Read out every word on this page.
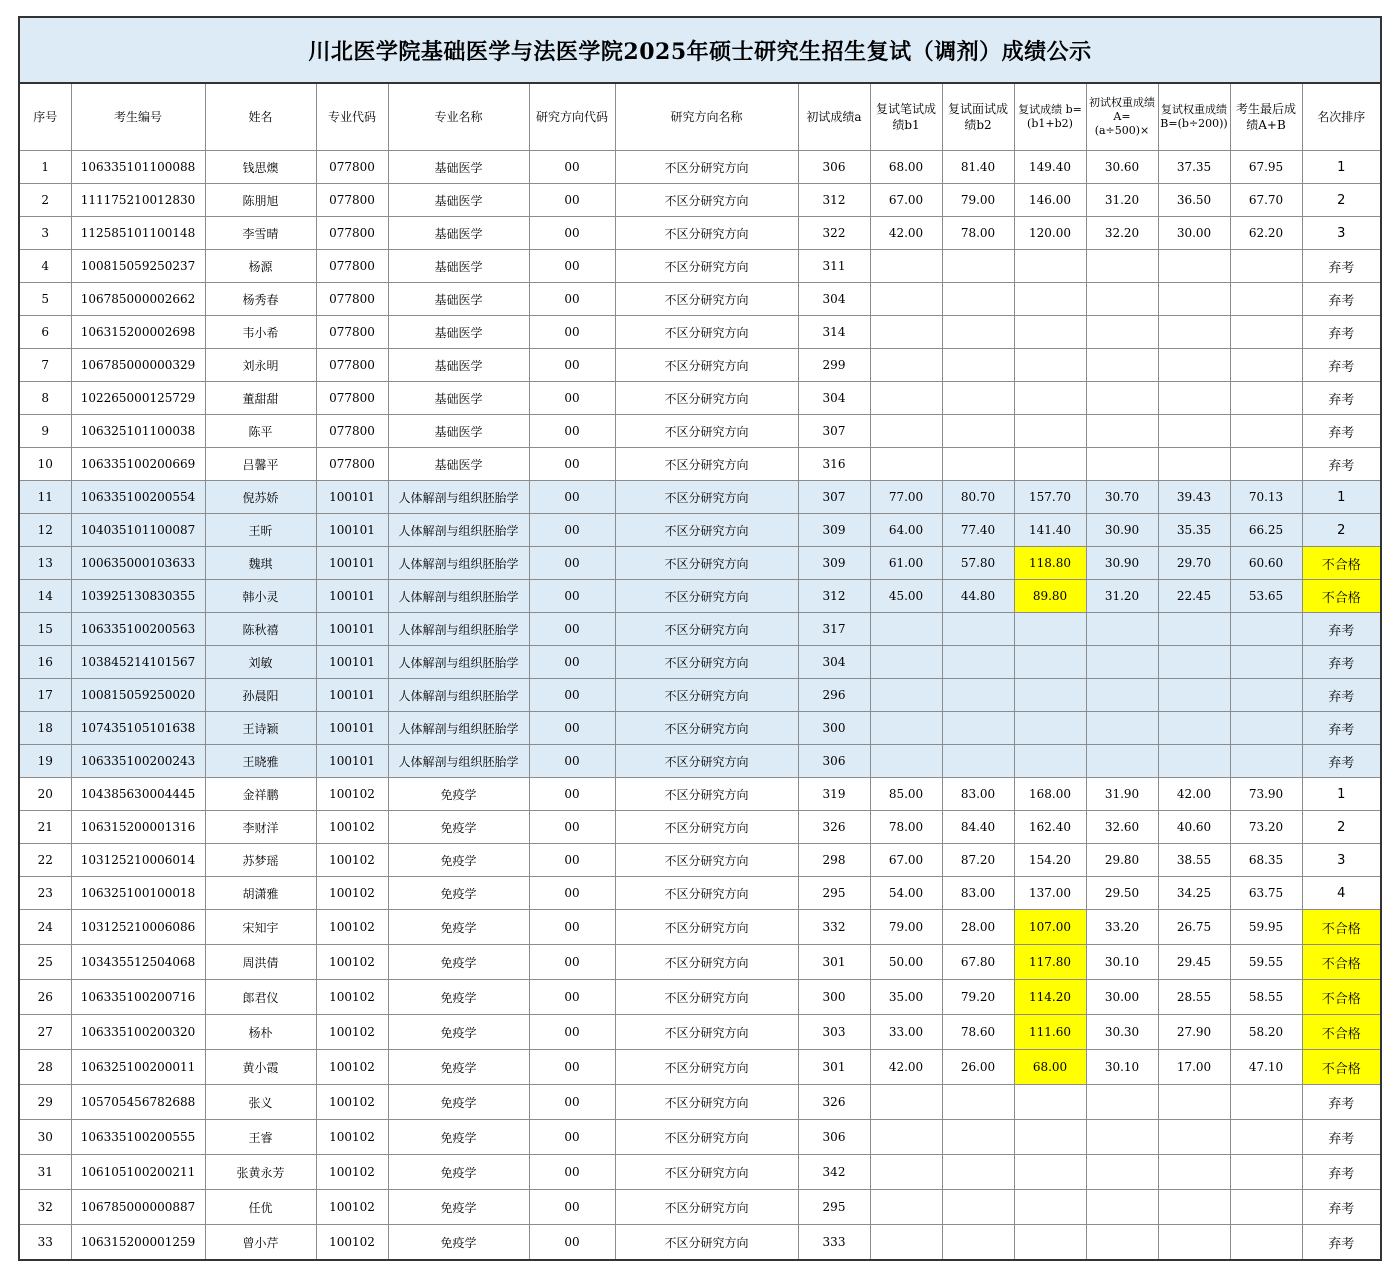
川北医学院基础医学与法医学院2025年硕士研究生招生复试（调剂）成绩公示														
序号	考生编号	姓名	专业代码	专业名称	研究方向代码	研究方向名称	初试成绩a	复试笔试成绩b1	复试面试成绩b2	复试成绩 b=(b1+b2)	初试权重成绩 A=(a÷500)×	复试权重成绩 B=(b÷200))	考生最后成绩A+B	名次排序
1	106335101100088	钱思燠	077800	基础医学	00	不区分研究方向	306	68.00	81.40	149.40	30.60	37.35	67.95	1
2	111175210012830	陈朋旭	077800	基础医学	00	不区分研究方向	312	67.00	79.00	146.00	31.20	36.50	67.70	2
3	112585101100148	李雪晴	077800	基础医学	00	不区分研究方向	322	42.00	78.00	120.00	32.20	30.00	62.20	3
4	100815059250237	杨源	077800	基础医学	00	不区分研究方向	311							弃考
5	106785000002662	杨秀春	077800	基础医学	00	不区分研究方向	304							弃考
6	106315200002698	韦小希	077800	基础医学	00	不区分研究方向	314							弃考
7	106785000000329	刘永明	077800	基础医学	00	不区分研究方向	299							弃考
8	102265000125729	董甜甜	077800	基础医学	00	不区分研究方向	304							弃考
9	106325101100038	陈平	077800	基础医学	00	不区分研究方向	307							弃考
10	106335100200669	吕馨平	077800	基础医学	00	不区分研究方向	316							弃考
11	106335100200554	倪苏娇	100101	人体解剖与组织胚胎学	00	不区分研究方向	307	77.00	80.70	157.70	30.70	39.43	70.13	1
12	104035101100087	王昕	100101	人体解剖与组织胚胎学	00	不区分研究方向	309	64.00	77.40	141.40	30.90	35.35	66.25	2
13	100635000103633	魏琪	100101	人体解剖与组织胚胎学	00	不区分研究方向	309	61.00	57.80	118.80	30.90	29.70	60.60	不合格
14	103925130830355	韩小灵	100101	人体解剖与组织胚胎学	00	不区分研究方向	312	45.00	44.80	89.80	31.20	22.45	53.65	不合格
15	106335100200563	陈秋禧	100101	人体解剖与组织胚胎学	00	不区分研究方向	317							弃考
16	103845214101567	刘敏	100101	人体解剖与组织胚胎学	00	不区分研究方向	304							弃考
17	100815059250020	孙晨阳	100101	人体解剖与组织胚胎学	00	不区分研究方向	296							弃考
18	107435105101638	王诗颖	100101	人体解剖与组织胚胎学	00	不区分研究方向	300							弃考
19	106335100200243	王晓雅	100101	人体解剖与组织胚胎学	00	不区分研究方向	306							弃考
20	104385630004445	金祥鹏	100102	免疫学	00	不区分研究方向	319	85.00	83.00	168.00	31.90	42.00	73.90	1
21	106315200001316	李财洋	100102	免疫学	00	不区分研究方向	326	78.00	84.40	162.40	32.60	40.60	73.20	2
22	103125210006014	苏梦瑶	100102	免疫学	00	不区分研究方向	298	67.00	87.20	154.20	29.80	38.55	68.35	3
23	106325100100018	胡潇雅	100102	免疫学	00	不区分研究方向	295	54.00	83.00	137.00	29.50	34.25	63.75	4
24	103125210006086	宋知宇	100102	免疫学	00	不区分研究方向	332	79.00	28.00	107.00	33.20	26.75	59.95	不合格
25	103435512504068	周洪倩	100102	免疫学	00	不区分研究方向	301	50.00	67.80	117.80	30.10	29.45	59.55	不合格
26	106335100200716	郎君仪	100102	免疫学	00	不区分研究方向	300	35.00	79.20	114.20	30.00	28.55	58.55	不合格
27	106335100200320	杨朴	100102	免疫学	00	不区分研究方向	303	33.00	78.60	111.60	30.30	27.90	58.20	不合格
28	106325100200011	黄小霞	100102	免疫学	00	不区分研究方向	301	42.00	26.00	68.00	30.10	17.00	47.10	不合格
29	105705456782688	张义	100102	免疫学	00	不区分研究方向	326							弃考
30	106335100200555	王睿	100102	免疫学	00	不区分研究方向	306							弃考
31	106105100200211	张黄永芳	100102	免疫学	00	不区分研究方向	342							弃考
32	106785000000887	任优	100102	免疫学	00	不区分研究方向	295							弃考
33	106315200001259	曾小芹	100102	免疫学	00	不区分研究方向	333							弃考
